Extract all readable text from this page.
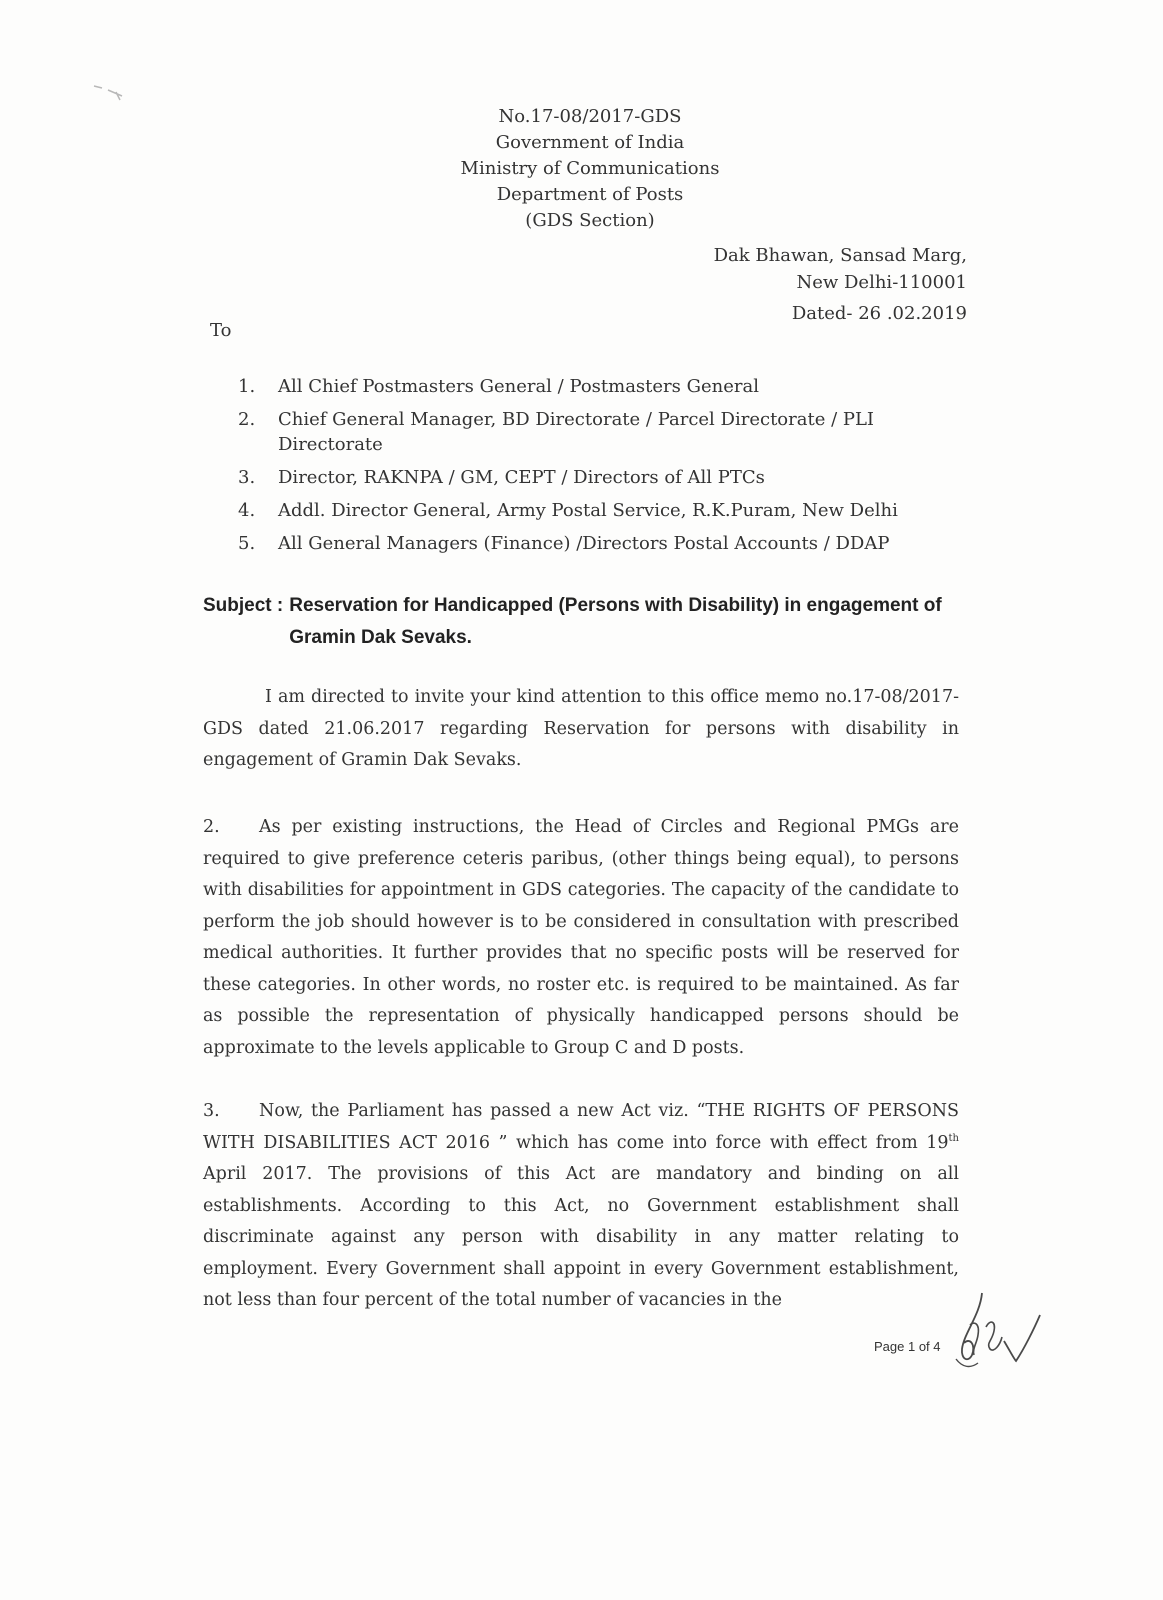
No.17-08/2017-GDS
Government of India
Ministry of Communications
Department of Posts
(GDS Section)
Dak Bhawan, Sansad Marg,
New Delhi-110001
Dated- 26 .02.2019
To
1.	All Chief Postmasters General / Postmasters General
2.	Chief General Manager, BD Directorate / Parcel Directorate / PLI Directorate
3.	Director, RAKNPA / GM, CEPT / Directors of All PTCs
4.	Addl. Director General, Army Postal Service, R.K.Puram, New Delhi
5.	All General Managers (Finance) /Directors Postal Accounts / DDAP
Subject : Reservation for Handicapped (Persons with Disability) in engagement of Gramin Dak Sevaks.
I am directed to invite your kind attention to this office memo no.17-08/2017-GDS dated 21.06.2017 regarding Reservation for persons with disability in engagement of Gramin Dak Sevaks.
2. As per existing instructions, the Head of Circles and Regional PMGs are required to give preference ceteris paribus, (other things being equal), to persons with disabilities for appointment in GDS categories. The capacity of the candidate to perform the job should however is to be considered in consultation with prescribed medical authorities. It further provides that no specific posts will be reserved for these categories. In other words, no roster etc. is required to be maintained. As far as possible the representation of physically handicapped persons should be approximate to the levels applicable to Group C and D posts.
3. Now, the Parliament has passed a new Act viz. “THE RIGHTS OF PERSONS WITH DISABILITIES ACT 2016 ” which has come into force with effect from 19th April 2017. The provisions of this Act are mandatory and binding on all establishments. According to this Act, no Government establishment shall discriminate against any person with disability in any matter relating to employment. Every Government shall appoint in every Government establishment, not less than four percent of the total number of vacancies in the
Page 1 of 4
